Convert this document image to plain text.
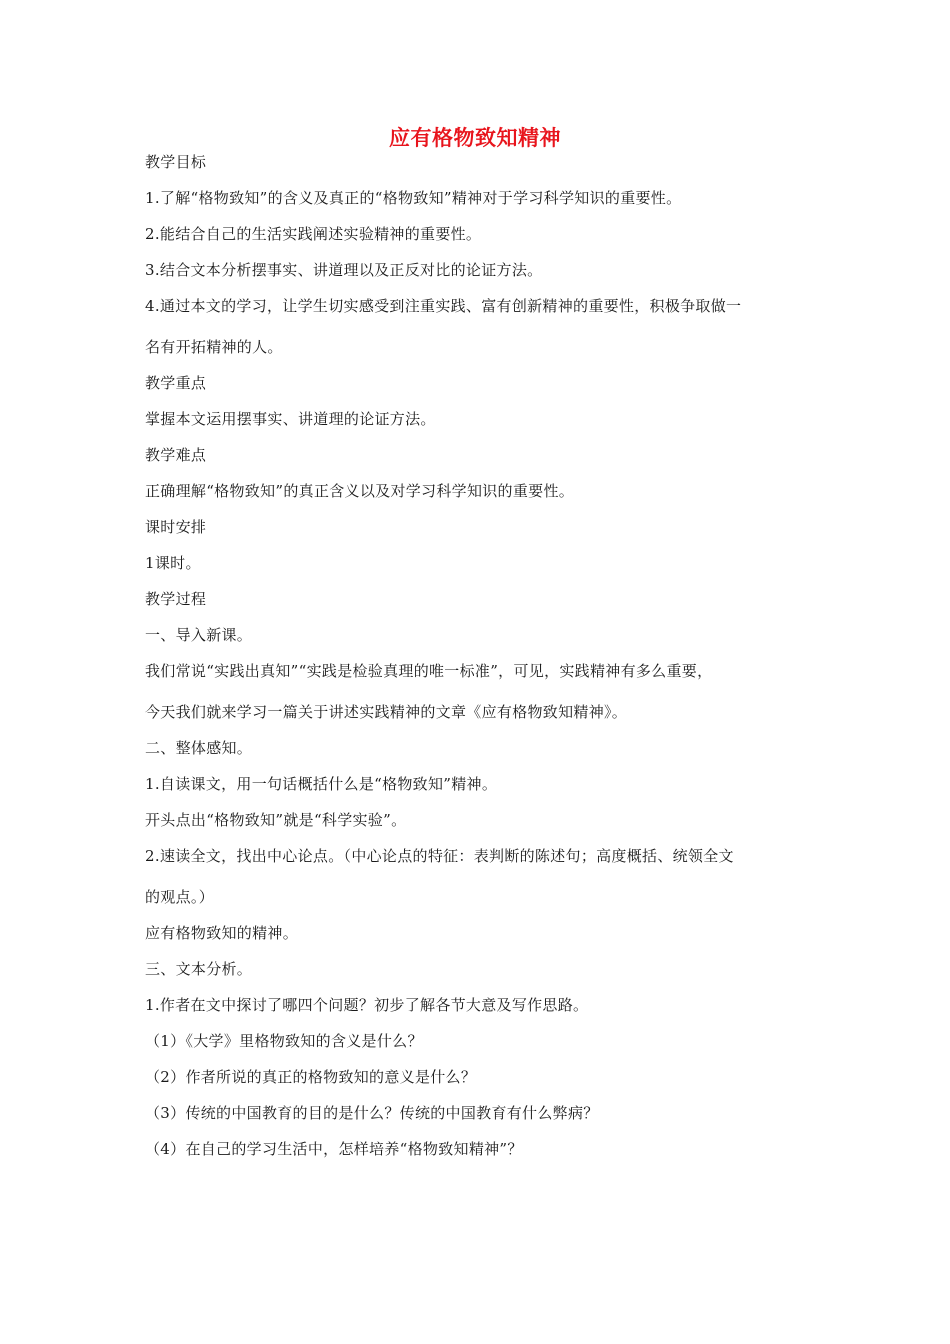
应有格物致知精神
教学目标
1.了解“格物致知”的含义及真正的“格物致知”精神对于学习科学知识的重要性。
2.能结合自己的生活实践阐述实验精神的重要性。
3.结合文本分析摆事实、讲道理以及正反对比的论证方法。
4.通过本文的学习，让学生切实感受到注重实践、富有创新精神的重要性，积极争取做一
名有开拓精神的人。
教学重点
掌握本文运用摆事实、讲道理的论证方法。
教学难点
正确理解“格物致知”的真正含义以及对学习科学知识的重要性。
课时安排
1课时。
教学过程
一、导入新课。
我们常说“实践出真知”“实践是检验真理的唯一标准”，可见，实践精神有多么重要，
今天我们就来学习一篇关于讲述实践精神的文章《应有格物致知精神》。
二、整体感知。
1.自读课文，用一句话概括什么是“格物致知”精神。
开头点出“格物致知”就是“科学实验”。
2.速读全文，找出中心论点。（中心论点的特征：表判断的陈述句；高度概括、统领全文
的观点。）
应有格物致知的精神。
三、文本分析。
1.作者在文中探讨了哪四个问题？初步了解各节大意及写作思路。
（1）《大学》里格物致知的含义是什么？
（2）作者所说的真正的格物致知的意义是什么？
（3）传统的中国教育的目的是什么？传统的中国教育有什么弊病？
（4）在自己的学习生活中，怎样培养“格物致知精神”？
